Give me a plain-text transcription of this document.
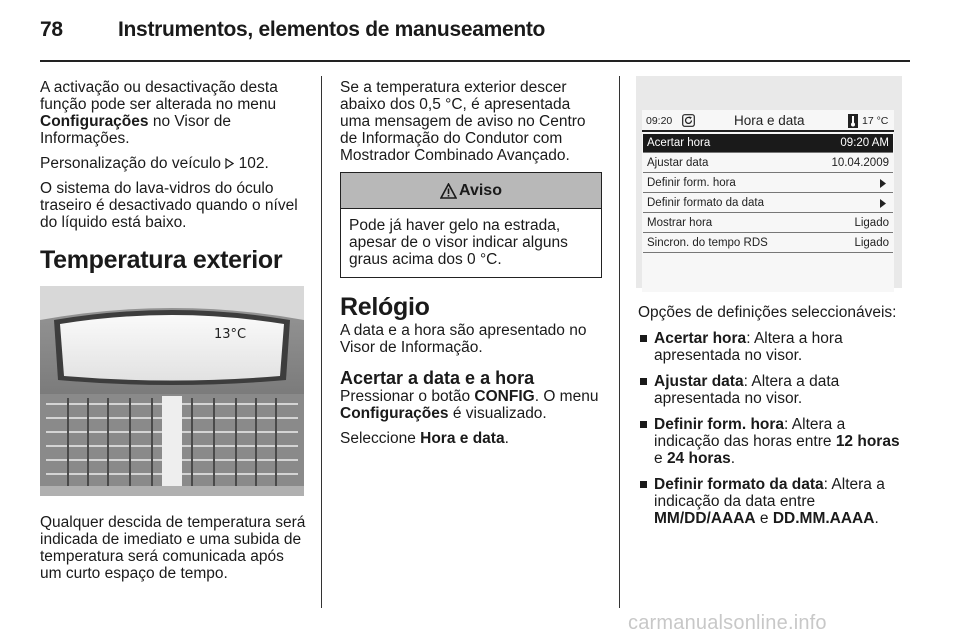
78	Instrumentos, elementos de manuseamento

A activação ou desactivação desta função pode ser alterada no menu Configurações no Visor de Informações.

Personalização do veículo  102.

O sistema do lava-vidros do óculo traseiro é desactivado quando o nível do líquido está baixo.

Temperatura exterior
13°C
Qualquer descida de temperatura será indicada de imediato e uma subida de temperatura será comunicada após um curto espaço de tempo.

Se a temperatura exterior descer abaixo dos 0,5 °C, é apresentada uma mensagem de aviso no Centro de Informação do Condutor com Mostrador Combinado Avançado.

Aviso
Pode já haver gelo na estrada, apesar de o visor indicar alguns graus acima dos 0 °C.
Relógio

A data e a hora são apresentado no Visor de Informação.

Acertar a data e a hora

Pressionar o botão CONFIG. O menu Configurações é visualizado.

Seleccione Hora e data.

09:20	Hora e data	17 °C
Acertar hora	09:20 AM
Ajustar data	10.04.2009
Definir form. hora
Definir formato da data
Mostrar hora	Ligado
Sincron. do tempo RDS	Ligado

Opções de definições seleccionáveis:

Acertar hora: Altera a hora apresentada no visor.
Ajustar data: Altera a data apresentada no visor.
Definir form. hora: Altera a indicação das horas entre 12 horas e 24 horas.
Definir formato da data: Altera a indicação da data entre MM/DD/AAAA e DD.MM.AAAA.
carmanualsonline.info
